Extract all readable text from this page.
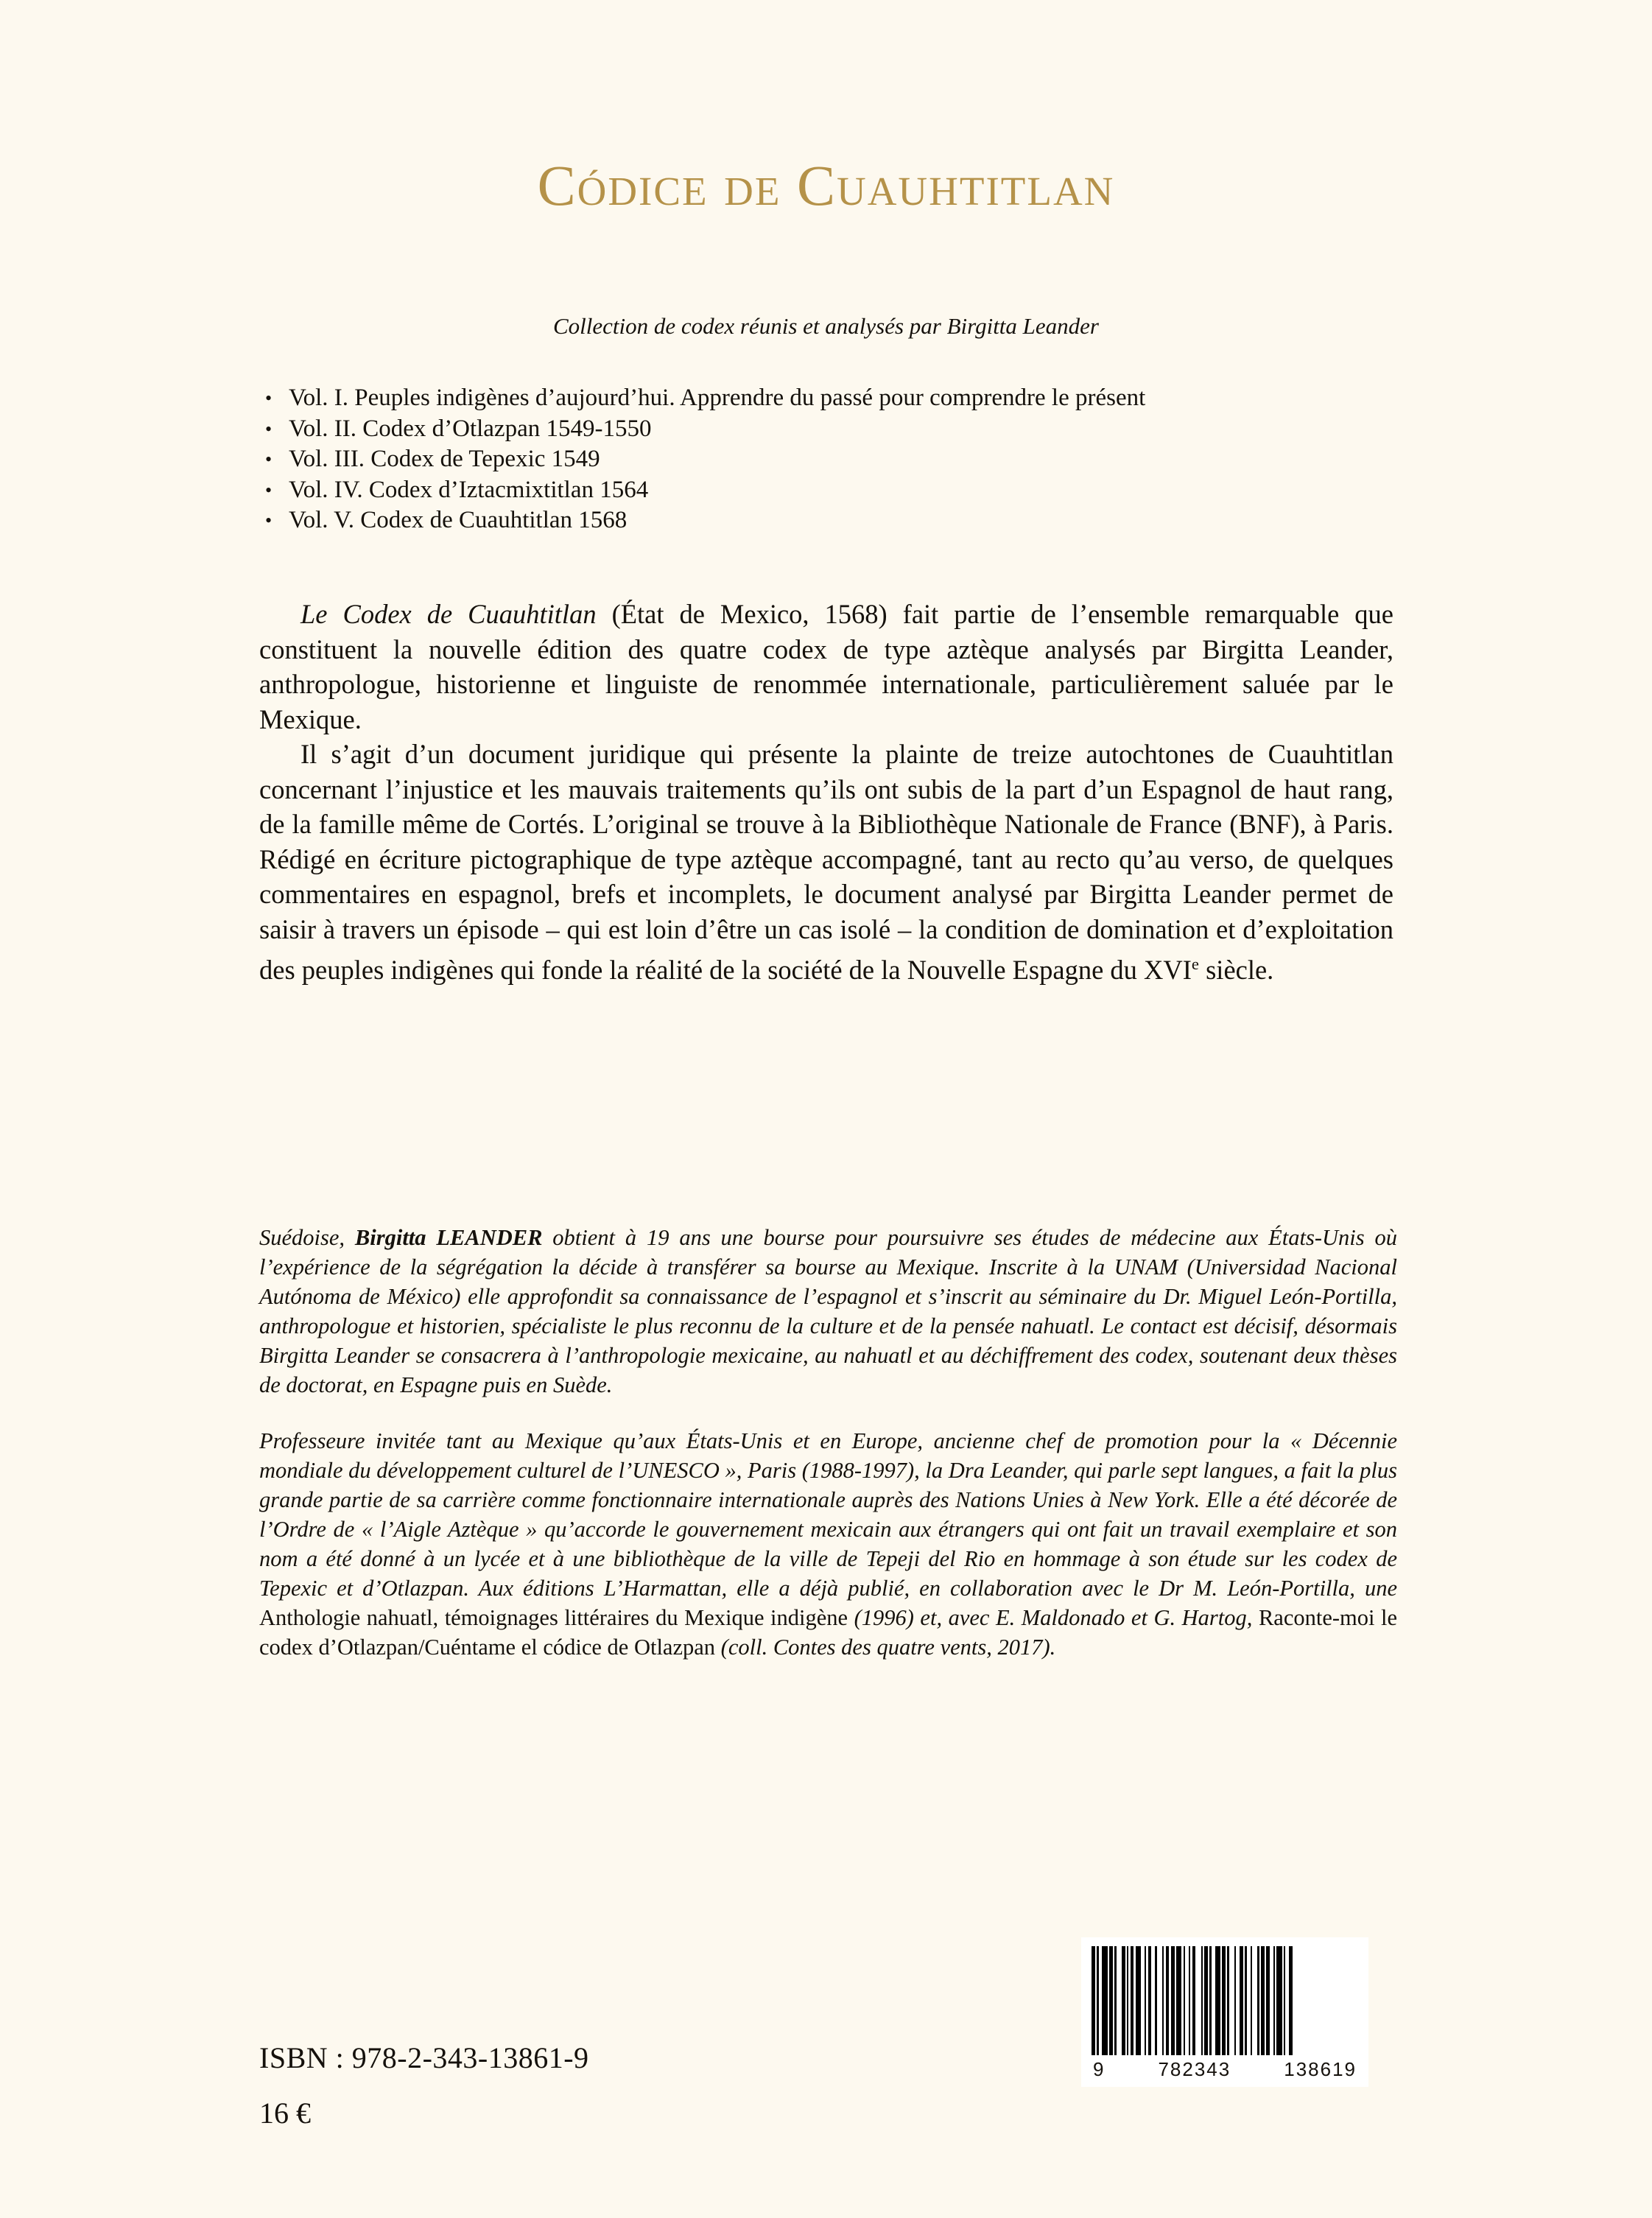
Códice de Cuauhtitlan
Collection de codex réunis et analysés par Birgitta Leander
• Vol. I. Peuples indigènes d’aujourd’hui. Apprendre du passé pour comprendre le présent
• Vol. II. Codex d’Otlazpan 1549-1550
• Vol. III. Codex de Tepexic 1549
• Vol. IV. Codex d’Iztacmixtitlan 1564
• Vol. V. Codex de Cuauhtitlan 1568

Le Codex de Cuauhtitlan (État de Mexico, 1568) fait partie de l’ensemble remarquable que constituent la nouvelle édition des quatre codex de type aztèque analysés par Birgitta Leander, anthropologue, historienne et linguiste de renommée internationale, particulièrement saluée par le Mexique.

Il s’agit d’un document juridique qui présente la plainte de treize autochtones de Cuauhtitlan concernant l’injustice et les mauvais traitements qu’ils ont subis de la part d’un Espagnol de haut rang, de la famille même de Cortés. L’original se trouve à la Bibliothèque Nationale de France (BNF), à Paris. Rédigé en écriture pictographique de type aztèque accompagné, tant au recto qu’au verso, de quelques commentaires en espagnol, brefs et incomplets, le document analysé par Birgitta Leander permet de saisir à travers un épisode – qui est loin d’être un cas isolé – la condition de domination et d’exploitation des peuples indigènes qui fonde la réalité de la société de la Nouvelle Espagne du XVIe siècle.

Suédoise, Birgitta LEANDER obtient à 19 ans une bourse pour poursuivre ses études de médecine aux États-Unis où l’expérience de la ségrégation la décide à transférer sa bourse au Mexique. Inscrite à la UNAM (Universidad Nacional Autónoma de México) elle approfondit sa connaissance de l’espagnol et s’inscrit au séminaire du Dr. Miguel León-Portilla, anthropologue et historien, spécialiste le plus reconnu de la culture et de la pensée nahuatl. Le contact est décisif, désormais Birgitta Leander se consacrera à l’anthropologie mexicaine, au nahuatl et au déchiffrement des codex, soutenant deux thèses de doctorat, en Espagne puis en Suède.

Professeure invitée tant au Mexique qu’aux États-Unis et en Europe, ancienne chef de promotion pour la « Décennie mondiale du développement culturel de l’UNESCO », Paris (1988-1997), la Dra Leander, qui parle sept langues, a fait la plus grande partie de sa carrière comme fonctionnaire internationale auprès des Nations Unies à New York. Elle a été décorée de l’Ordre de « l’Aigle Aztèque » qu’accorde le gouvernement mexicain aux étrangers qui ont fait un travail exemplaire et son nom a été donné à un lycée et à une bibliothèque de la ville de Tepeji del Rio en hommage à son étude sur les codex de Tepexic et d’Otlazpan. Aux éditions L’Harmattan, elle a déjà publié, en collaboration avec le Dr M. León-Portilla, une Anthologie nahuatl, témoignages littéraires du Mexique indigène (1996) et, avec E. Maldonado et G. Hartog, Raconte-moi le codex d’Otlazpan/Cuéntame el códice de Otlazpan (coll. Contes des quatre vents, 2017).

ISBN : 978-2-343-13861-9
16 €
9	782343	138619
